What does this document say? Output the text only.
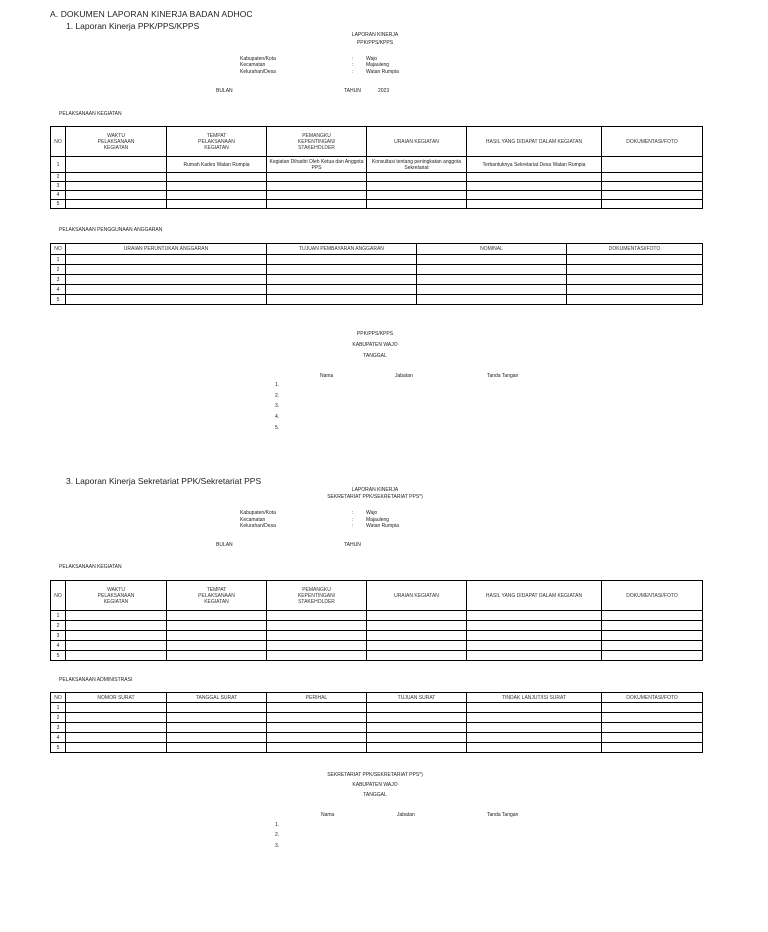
A. DOKUMEN LAPORAN KINERJA BADAN ADHOC
1. Laporan Kinerja PPK/PPS/KPPS
LAPORAN KINERJA
PPK/PPS/KPPS
Kabupaten/Kota	:	Wajo
Kecamatan	:	Majauleng
Kelurahan/Desa	:	Watan Rumpia
BULAN	TAHUN	2023
PELAKSANAAN KEGIATAN
NO	WAKTU
PELAKSANAAN
KEGIATAN	TEMPAT
PELAKSANAAN
KEGIATAN	PEMANGKU
KEPENTINGAN/
STAKEHOLDER	URAIAN KEGIATAN	HASIL YANG DIDAPAT DALAM KEGIATAN	DOKUMENTASI/FOTO
1		Rumah Kades Watan Rumpia	Kegiatan Dihadiri Oleh Ketua dan Anggota PPS	Konsultasi tentang peningkatan anggota Sekretariat	Terbantuknya Sekretariat Desa Watan Rumpia	
2						
3						
4						
5						
PELAKSANAAN PENGGUNAAN ANGGARAN
NO	URAIAN PERUNTUKAN ANGGARAN	TUJUAN PEMBAYARAN ANGGARAN	NOMINAL	DOKUMENTASI/FOTO
1				
2				
3				
4				
5				
PPK/PPS/KPPS
KABUPATEN WAJO
TANGGAL
Nama	Jabatan	Tanda Tangan
1.
2.
3.
4.
5.
3. Laporan Kinerja Sekretariat PPK/Sekretariat PPS
LAPORAN KINERJA
SEKRETARIAT PPK/SEKRETARIAT PPS*)
Kabupaten/Kota	:	Wajo
Kecamatan	:	Majauleng
Kelurahan/Desa	:	Watan Rumpia
BULAN	TAHUN
PELAKSANAAN KEGIATAN
NO	WAKTU
PELAKSANAAN
KEGIATAN	TEMPAT
PELAKSANAAN
KEGIATAN	PEMANGKU
KEPENTINGAN/
STAKEHOLDER	URAIAN KEGIATAN	HASIL YANG DIDAPAT DALAM KEGIATAN	DOKUMENTASI/FOTO
1						
2						
3						
4						
5						
PELAKSANAAN ADMINISTRASI
NO	NOMOR SURAT	TANGGAL SURAT	PERIHAL	TUJUAN SURAT	TINDAK LANJUT/ISI SURAT	DOKUMENTASI/FOTO
1						
2						
3						
4						
5						
SEKRETARIAT PPK/SEKRETARIAT PPS*)
KABUPATEN WAJO
TANGGAL
Nama	Jabatan	Tanda Tangan
1.
2.
3.
